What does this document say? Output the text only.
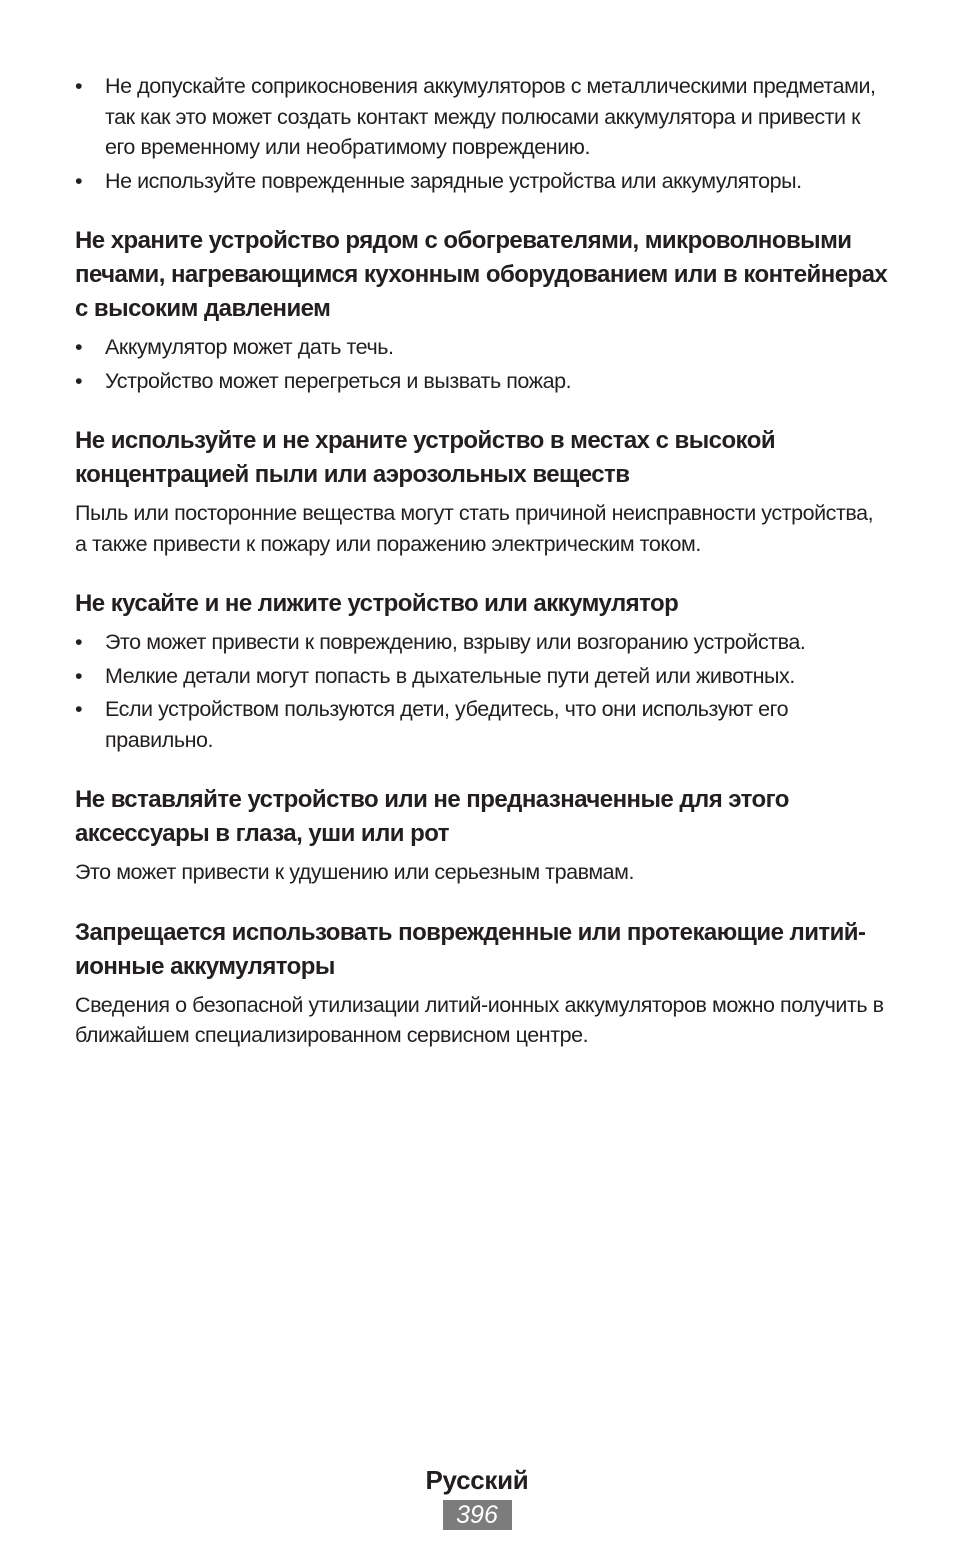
• Не допускайте соприкосновения аккумуляторов с металлическими предметами, так как это может создать контакт между полюсами аккумулятора и привести к его временному или необратимому повреждению.
• Не используйте поврежденные зарядные устройства или аккумуляторы.
Не храните устройство рядом с обогревателями, микроволновыми печами, нагревающимся кухонным оборудованием или в контейнерах с высоким давлением
• Аккумулятор может дать течь.
• Устройство может перегреться и вызвать пожар.
Не используйте и не храните устройство в местах с высокой концентрацией пыли или аэрозольных веществ

Пыль или посторонние вещества могут стать причиной неисправности устройства, а также привести к пожару или поражению электрическим током.

Не кусайте и не лижите устройство или аккумулятор
• Это может привести к повреждению, взрыву или возгоранию устройства.
• Мелкие детали могут попасть в дыхательные пути детей или животных.
• Если устройством пользуются дети, убедитесь, что они используют его правильно.
Не вставляйте устройство или не предназначенные для этого аксессуары в глаза, уши или рот

Это может привести к удушению или серьезным травмам.

Запрещается использовать поврежденные или протекающие литий-ионные аккумуляторы

Сведения о безопасной утилизации литий-ионных аккумуляторов можно получить в ближайшем специализированном сервисном центре.

Русский
396
